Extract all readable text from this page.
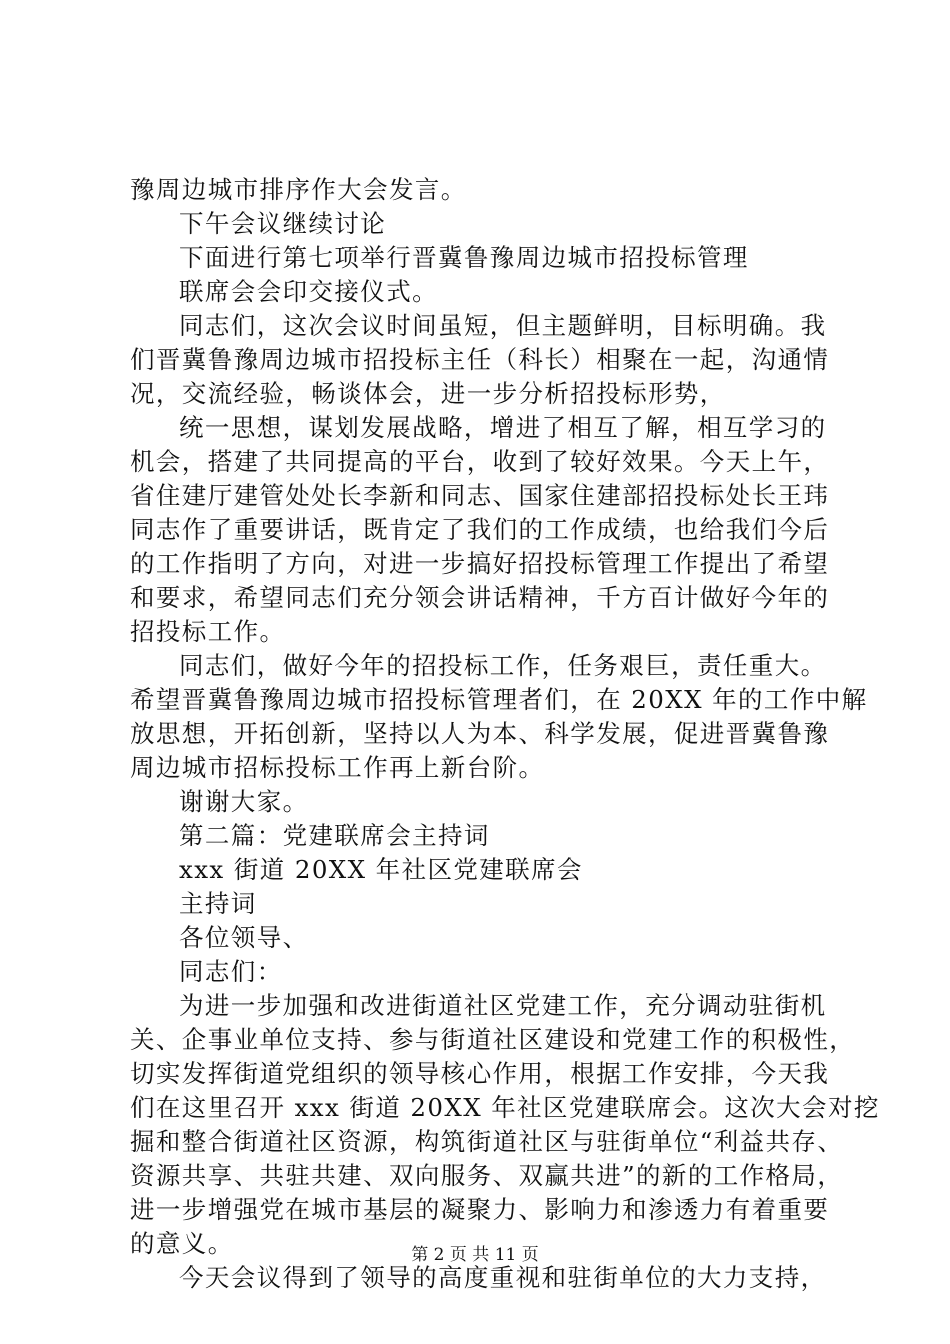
豫周边城市排序作大会发言。
下午会议继续讨论
下面进行第七项举行晋冀鲁豫周边城市招投标管理
联席会会印交接仪式。
同志们，这次会议时间虽短，但主题鲜明，目标明确。我
们晋冀鲁豫周边城市招投标主任（科长）相聚在一起，沟通情
况，交流经验，畅谈体会，进一步分析招投标形势，
统一思想，谋划发展战略，增进了相互了解，相互学习的
机会，搭建了共同提高的平台，收到了较好效果。今天上午，
省住建厅建管处处长李新和同志、国家住建部招投标处长王玮
同志作了重要讲话，既肯定了我们的工作成绩，也给我们今后
的工作指明了方向，对进一步搞好招投标管理工作提出了希望
和要求，希望同志们充分领会讲话精神，千方百计做好今年的
招投标工作。
同志们，做好今年的招投标工作，任务艰巨，责任重大。
希望晋冀鲁豫周边城市招投标管理者们，在 20XX 年的工作中解
放思想，开拓创新，坚持以人为本、科学发展，促进晋冀鲁豫
周边城市招标投标工作再上新台阶。
谢谢大家。
第二篇：党建联席会主持词
xxx 街道 20XX 年社区党建联席会
主持词
各位领导、
同志们：
为进一步加强和改进街道社区党建工作，充分调动驻街机
关、企事业单位支持、参与街道社区建设和党建工作的积极性，
切实发挥街道党组织的领导核心作用，根据工作安排，今天我
们在这里召开 xxx 街道 20XX 年社区党建联席会。这次大会对挖
掘和整合街道社区资源，构筑街道社区与驻街单位“利益共存、
资源共享、共驻共建、双向服务、双赢共进”的新的工作格局，
进一步增强党在城市基层的凝聚力、影响力和渗透力有着重要
的意义。
今天会议得到了领导的高度重视和驻街单位的大力支持，
第 2 页 共 11 页
